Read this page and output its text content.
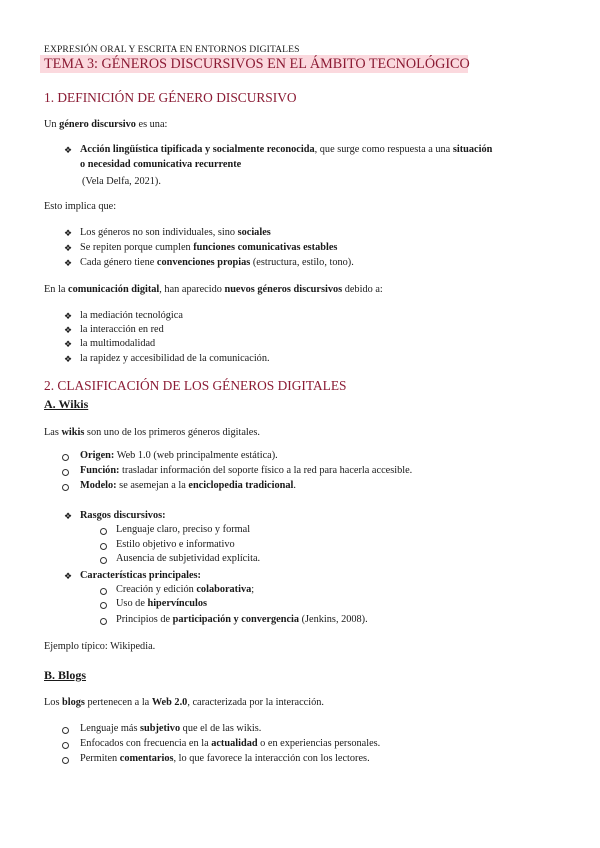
EXPRESIÓN ORAL Y ESCRITA EN ENTORNOS DIGITALES
TEMA 3: GÉNEROS DISCURSIVOS EN EL ÁMBITO TECNOLÓGICO
1. DEFINICIÓN DE GÉNERO DISCURSIVO
Un género discursivo es una:
❖ Acción lingüística tipificada y socialmente reconocida, que surge como respuesta a una situación
o necesidad comunicativa recurrente
(Vela Delfa, 2021).
Esto implica que:
❖ Los géneros no son individuales, sino sociales
❖ Se repiten porque cumplen funciones comunicativas estables
❖ Cada género tiene convenciones propias (estructura, estilo, tono).
En la comunicación digital, han aparecido nuevos géneros discursivos debido a:
❖ la mediación tecnológica
❖ la interacción en red
❖ la multimodalidad
❖ la rapidez y accesibilidad de la comunicación.
2. CLASIFICACIÓN DE LOS GÉNEROS DIGITALES
A. Wikis
Las wikis son uno de los primeros géneros digitales.
Origen: Web 1.0 (web principalmente estática).
Función: trasladar información del soporte físico a la red para hacerla accesible.
Modelo: se asemejan a la enciclopedia tradicional.
❖ Rasgos discursivos:
Lenguaje claro, preciso y formal
Estilo objetivo e informativo
Ausencia de subjetividad explícita.
❖ Características principales:
Creación y edición colaborativa;
Uso de hipervínculos
Principios de participación y convergencia (Jenkins, 2008).
Ejemplo típico: Wikipedia.
B. Blogs
Los blogs pertenecen a la Web 2.0, caracterizada por la interacción.
Lenguaje más subjetivo que el de las wikis.
Enfocados con frecuencia en la actualidad o en experiencias personales.
Permiten comentarios, lo que favorece la interacción con los lectores.
